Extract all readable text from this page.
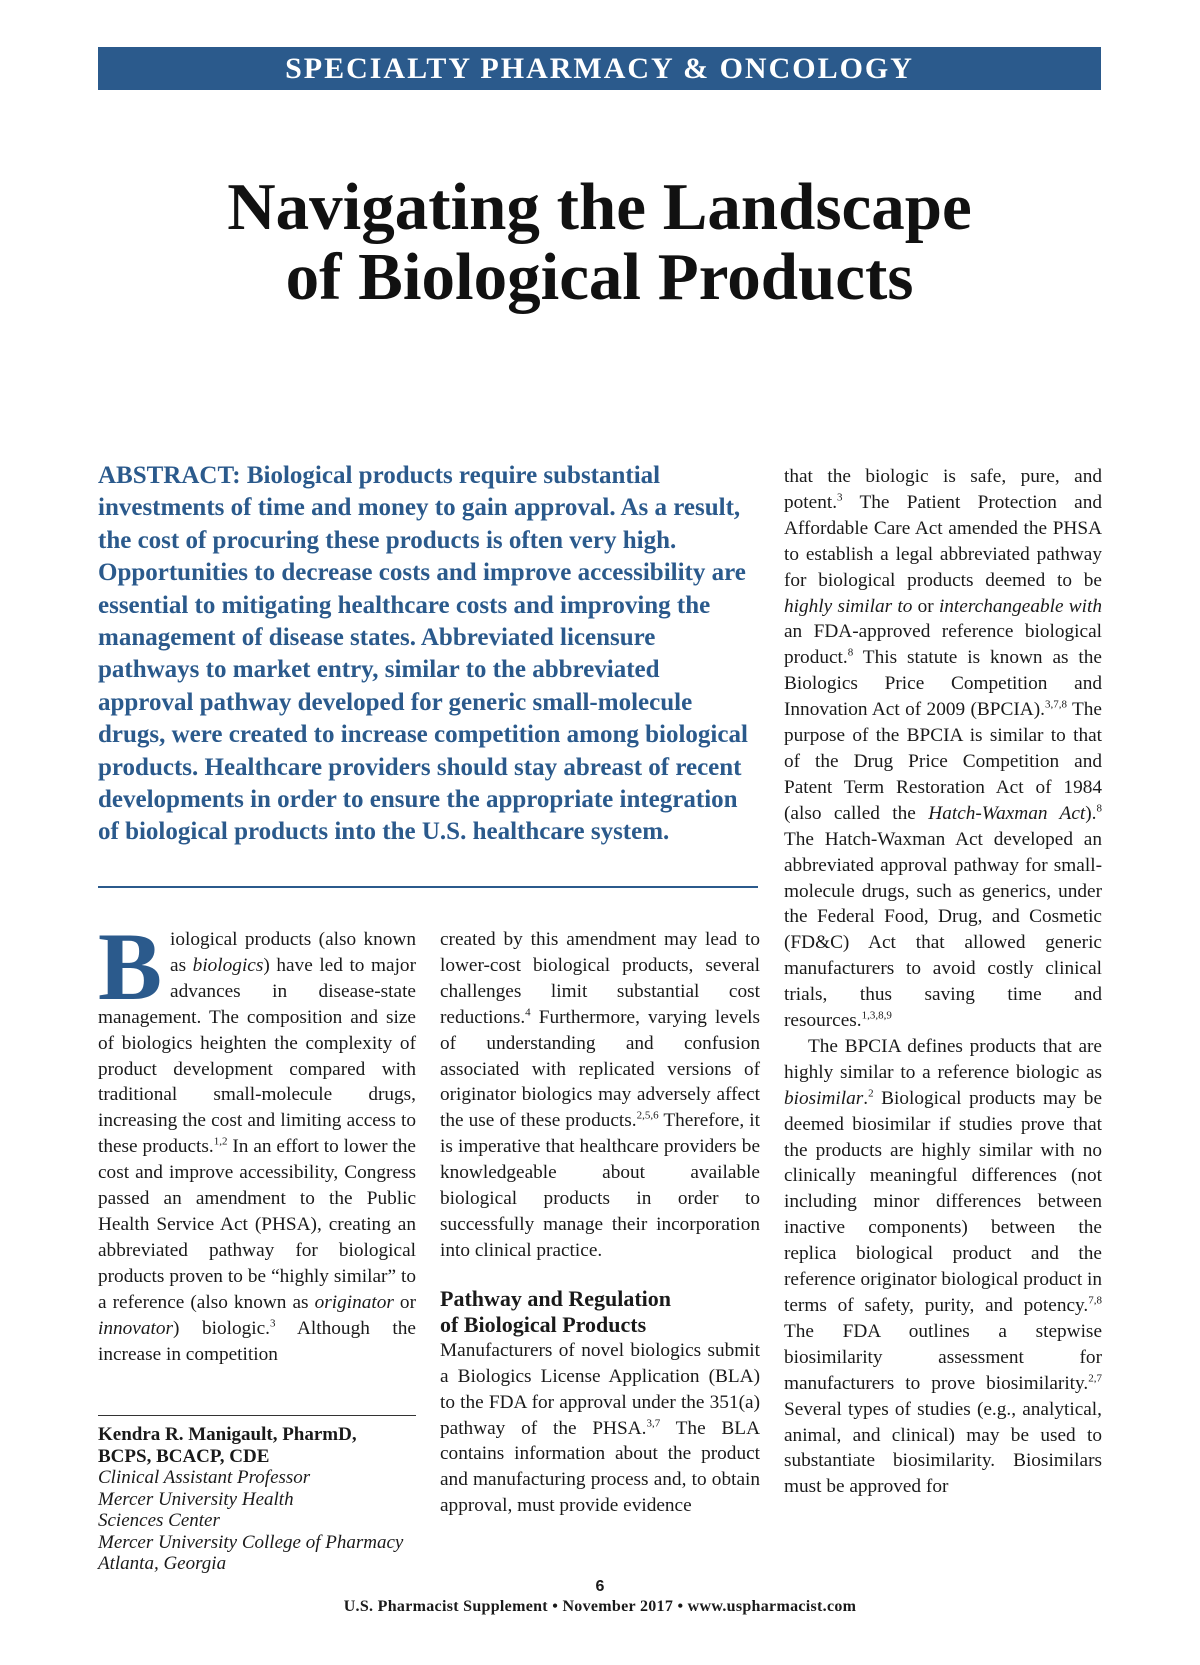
SPECIALTY PHARMACY & ONCOLOGY
Navigating the Landscape
of Biological Products
ABSTRACT: Biological products require substantial investments of time and money to gain approval. As a result, the cost of procuring these products is often very high. Opportunities to decrease costs and improve accessibility are essential to mitigating healthcare costs and improving the management of disease states. Abbreviated licensure pathways to market entry, similar to the abbreviated approval pathway developed for generic small-molecule drugs, were created to increase competition among biological products. Healthcare providers should stay abreast of recent developments in order to ensure the appropriate integration of biological products into the U.S. healthcare system.

Biological products (also known as biologics) have led to major advances in disease-state management. The composition and size of biologics heighten the complexity of product development compared with traditional small-molecule drugs, increasing the cost and limiting access to these products.$^{1,2}$ In an effort to lower the cost and improve accessibility, Congress passed an amendment to the Public Health Service Act (PHSA), creating an abbreviated pathway for biological products proven to be “highly similar” to a reference (also known as originator or innovator) biologic.$^3$ Although the increase in competition

Kendra R. Manigault, PharmD,
BCPS, BCACP, CDE
Clinical Assistant Professor
Mercer University Health
Sciences Center
Mercer University College of Pharmacy
Atlanta, Georgia

created by this amendment may lead to lower-cost biological products, several challenges limit substantial cost reductions.$^4$ Furthermore, varying levels of understanding and confusion associated with replicated versions of originator biologics may adversely affect the use of these products.$^{2,5,6}$ Therefore, it is imperative that healthcare providers be knowledgeable about available biological products in order to successfully manage their incorporation into clinical practice.

Pathway and Regulation
of Biological Products

Manufacturers of novel biologics submit a Biologics License Application (BLA) to the FDA for approval under the 351(a) pathway of the PHSA.$^{3,7}$ The BLA contains information about the product and manufacturing process and, to obtain approval, must provide evidence

that the biologic is safe, pure, and potent.$^3$ The Patient Protection and Affordable Care Act amended the PHSA to establish a legal abbreviated pathway for biological products deemed to be highly similar to or interchangeable with an FDA-approved reference biological product.$^8$ This statute is known as the Biologics Price Competition and Innovation Act of 2009 (BPCIA).$^{3,7,8}$ The purpose of the BPCIA is similar to that of the Drug Price Competition and Patent Term Restoration Act of 1984 (also called the Hatch-Waxman Act).$^8$ The Hatch-Waxman Act developed an abbreviated approval pathway for small-molecule drugs, such as generics, under the Federal Food, Drug, and Cosmetic (FD&C) Act that allowed generic manufacturers to avoid costly clinical trials, thus saving time and resources.$^{1,3,8,9}$

The BPCIA defines products that are highly similar to a reference biologic as biosimilar.$^2$ Biological products may be deemed biosimilar if studies prove that the products are highly similar with no clinically meaningful differences (not including minor differences between inactive components) between the replica biological product and the reference originator biological product in terms of safety, purity, and potency.$^{7,8}$ The FDA outlines a stepwise biosimilarity assessment for manufacturers to prove biosimilarity.$^{2,7}$ Several types of studies (e.g., analytical, animal, and clinical) may be used to substantiate biosimilarity. Biosimilars must be approved for

6
U.S. Pharmacist Supplement • November 2017 • www.uspharmacist.com
